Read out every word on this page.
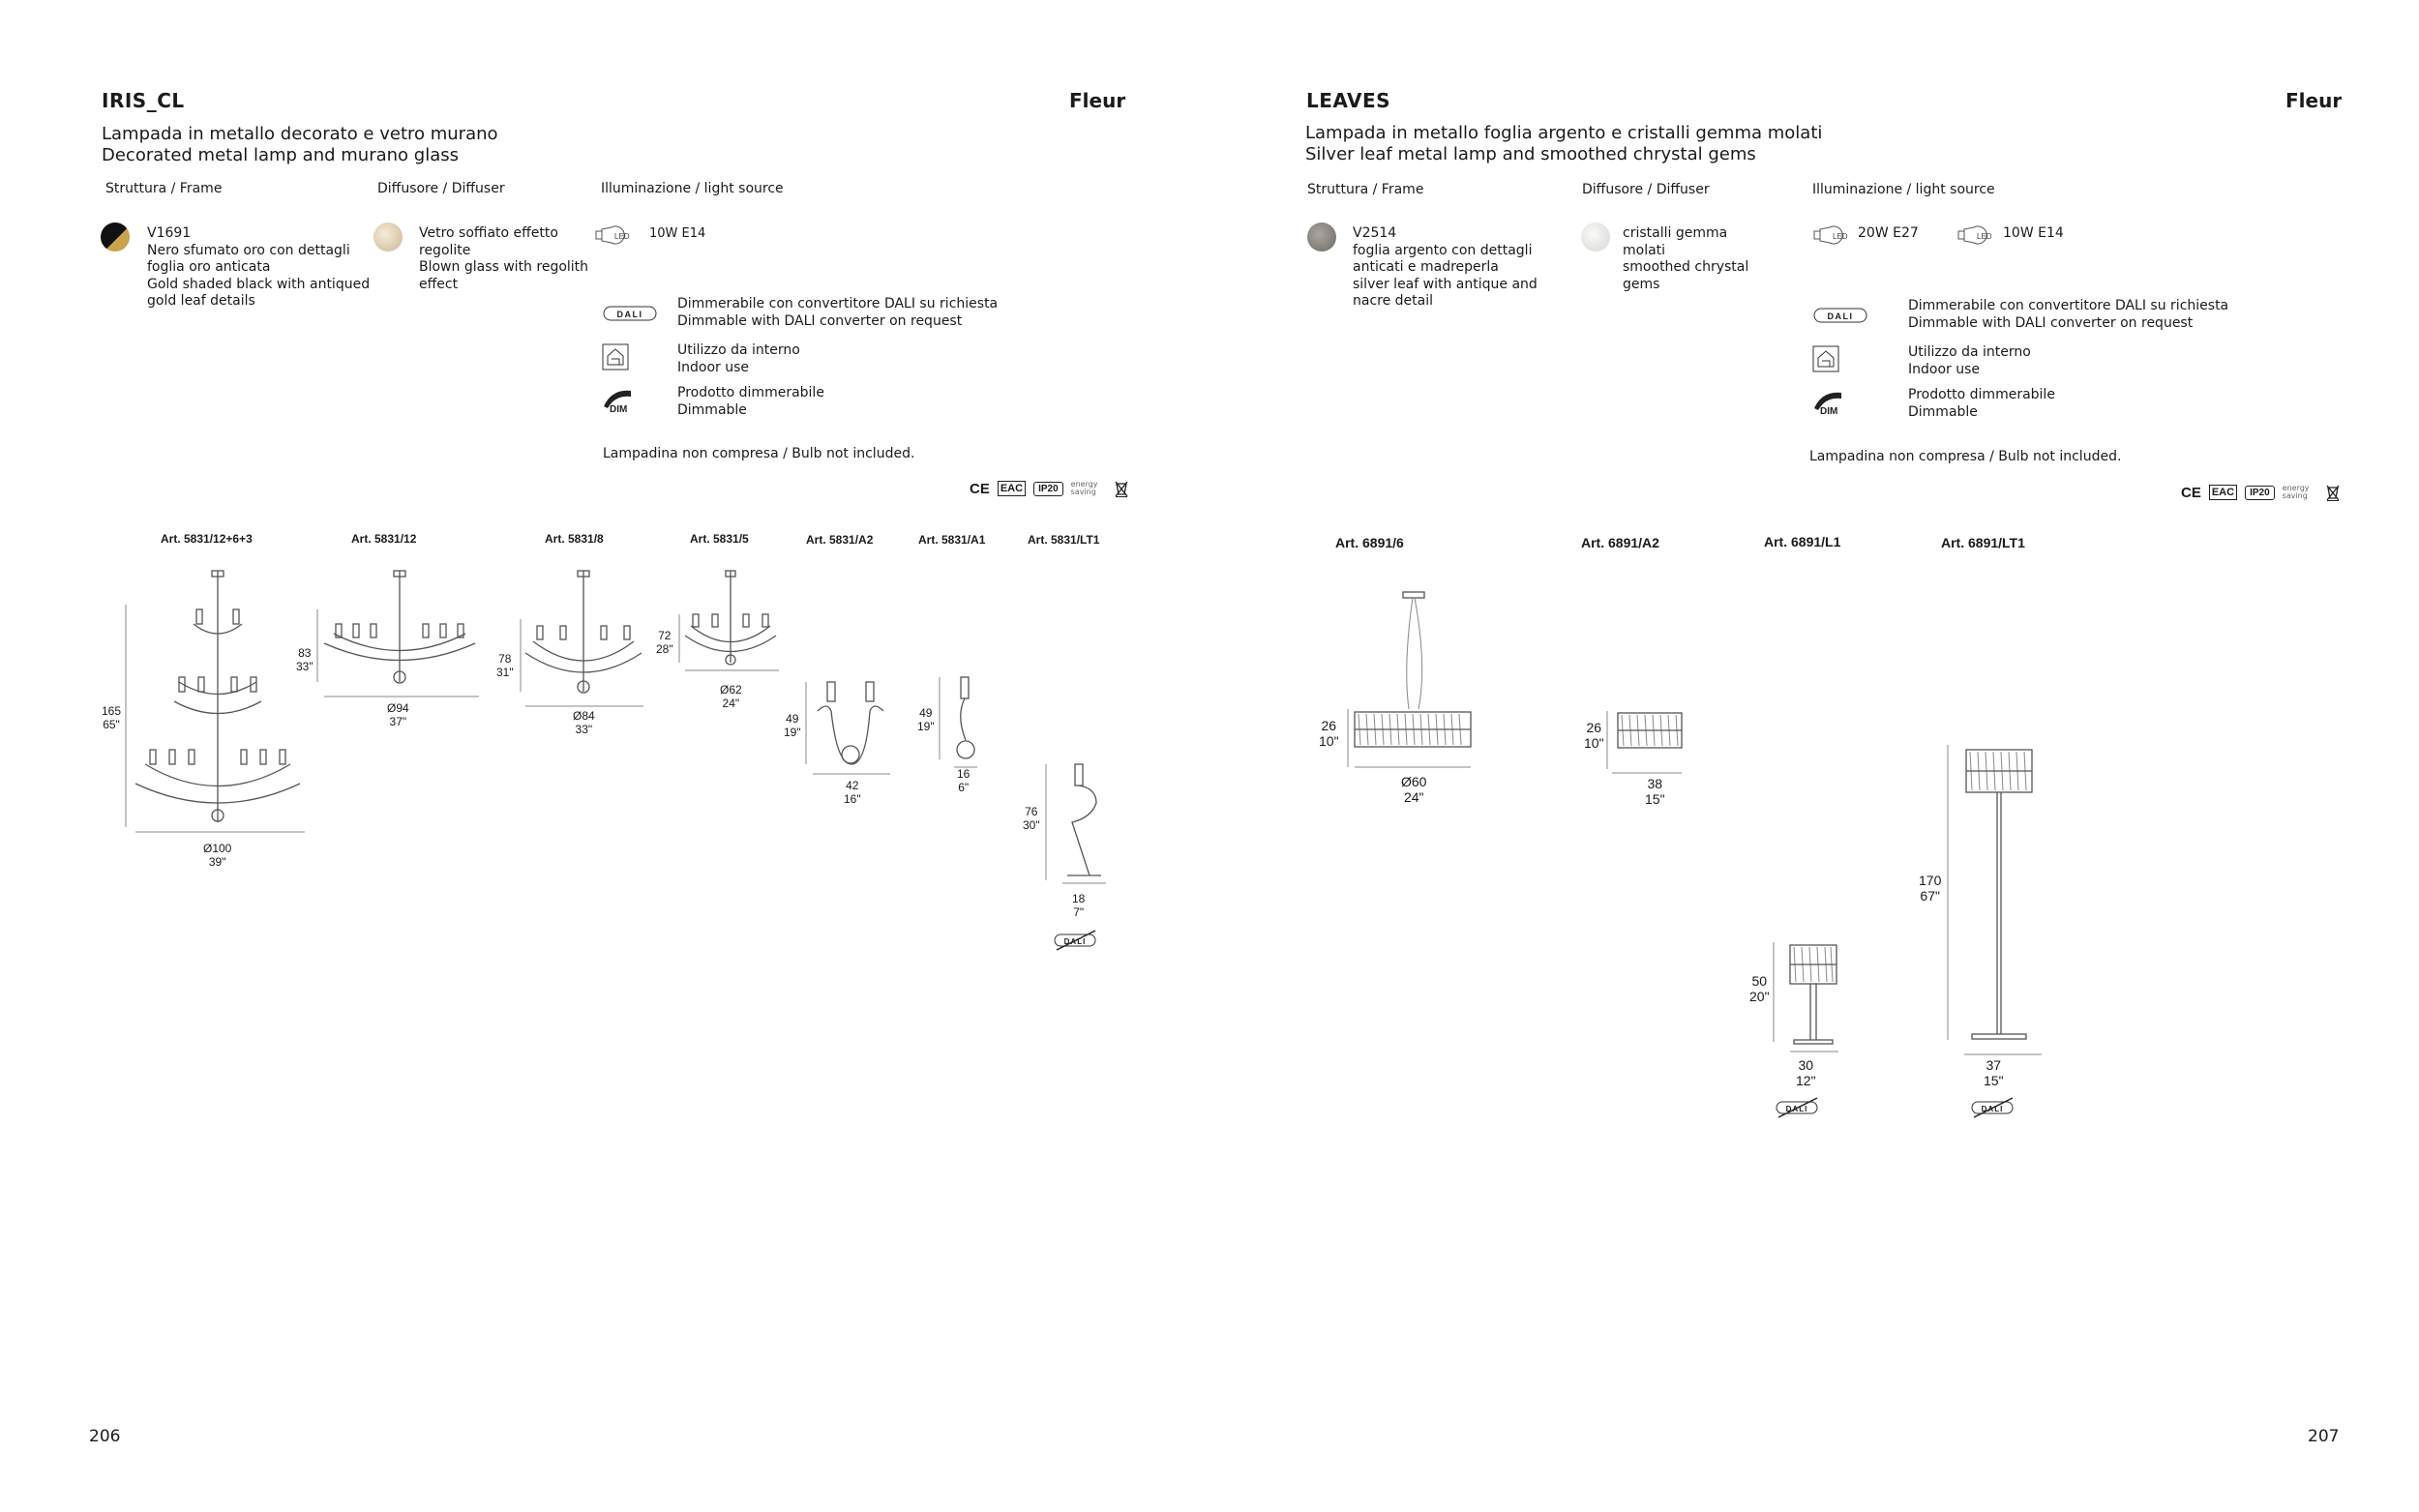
IRIS_CL	Fleur
Lampada in metallo decorato e vetro murano
Decorated metal lamp and murano glass
Struttura / Frame	Diffusore / Diffuser	Illuminazione / light source
V1691
Nero sfumato oro con dettagli
foglia oro anticata
Gold shaded black with antiqued
gold leaf details
Vetro soffiato effetto
regolite
Blown glass with regolith
effect
LED 10W E14
DALI
Dimmerabile con convertitore DALI su richiesta
Dimmable with DALI converter on request
Utilizzo da interno
Indoor use
DIM
Prodotto dimmerabile
Dimmable
Lampadina non compresa / Bulb not included.
CE EAC	IP20	energy saving
Art. 5831/12+6+3	Art. 5831/12	Art. 5831/8	Art. 5831/5	Art. 5831/A2	Art. 5831/A1	Art. 5831/LT1
165
65"
Ø100
39"
83
33"
Ø94
37"
78
31"
Ø84
33"
72
28"
Ø62
24"
49
19"
42
16"
49
19"
16
6"
76
30"
18
7"
DALI
206
LEAVES	Fleur
Lampada in metallo foglia argento e cristalli gemma molati
Silver leaf metal lamp and smoothed chrystal gems
Struttura / Frame	Diffusore / Diffuser	Illuminazione / light source
V2514
foglia argento con dettagli
anticati e madreperla
silver leaf with antique and
nacre detail
cristalli gemma
molati
smoothed chrystal
gems
LED 20W E27	LED 10W E14
DALI
Dimmerabile con convertitore DALI su richiesta
Dimmable with DALI converter on request
Utilizzo da interno
Indoor use
DIM
Prodotto dimmerabile
Dimmable
Lampadina non compresa / Bulb not included.
CE EAC	IP20	energy saving
Art. 6891/6	Art. 6891/A2	Art. 6891/L1	Art. 6891/LT1
26
10"
Ø60
24"
26
10"
38
15"
50
20"
30
12"
DALI
170
67"
37
15"
DALI
207
